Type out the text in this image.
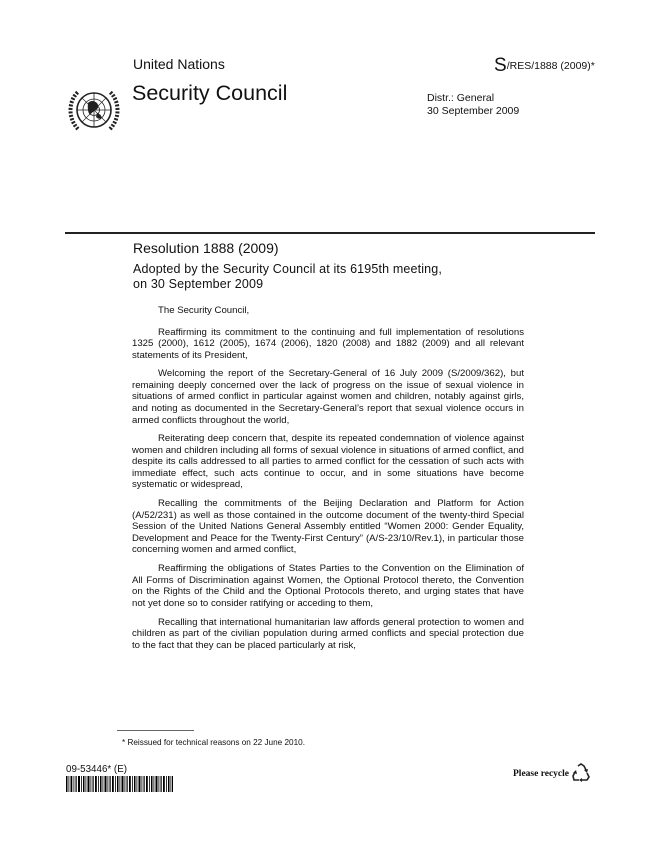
United Nations	S/RES/1888 (2009)*
Security Council	Distr.: General
30 September 2009
Resolution 1888 (2009)
Adopted by the Security Council at its 6195th meeting,
on 30 September 2009

The Security Council,

Reaffirming its commitment to the continuing and full implementation of resolutions 1325 (2000), 1612 (2005), 1674 (2006), 1820 (2008) and 1882 (2009) and all relevant statements of its President,

Welcoming the report of the Secretary-General of 16 July 2009 (S/2009/362), but remaining deeply concerned over the lack of progress on the issue of sexual violence in situations of armed conflict in particular against women and children, notably against girls, and noting as documented in the Secretary-General’s report that sexual violence occurs in armed conflicts throughout the world,

Reiterating deep concern that, despite its repeated condemnation of violence against women and children including all forms of sexual violence in situations of armed conflict, and despite its calls addressed to all parties to armed conflict for the cessation of such acts with immediate effect, such acts continue to occur, and in some situations have become systematic or widespread,

Recalling the commitments of the Beijing Declaration and Platform for Action (A/52/231) as well as those contained in the outcome document of the twenty-third Special Session of the United Nations General Assembly entitled “Women 2000: Gender Equality, Development and Peace for the Twenty-First Century” (A/S-23/10/Rev.1), in particular those concerning women and armed conflict,

Reaffirming the obligations of States Parties to the Convention on the Elimination of All Forms of Discrimination against Women, the Optional Protocol thereto, the Convention on the Rights of the Child and the Optional Protocols thereto, and urging states that have not yet done so to consider ratifying or acceding to them,

Recalling that international humanitarian law affords general protection to women and children as part of the civilian population during armed conflicts and special protection due to the fact that they can be placed particularly at risk,

* Reissued for technical reasons on 22 June 2010.
09-53446* (E)	Please recycle
